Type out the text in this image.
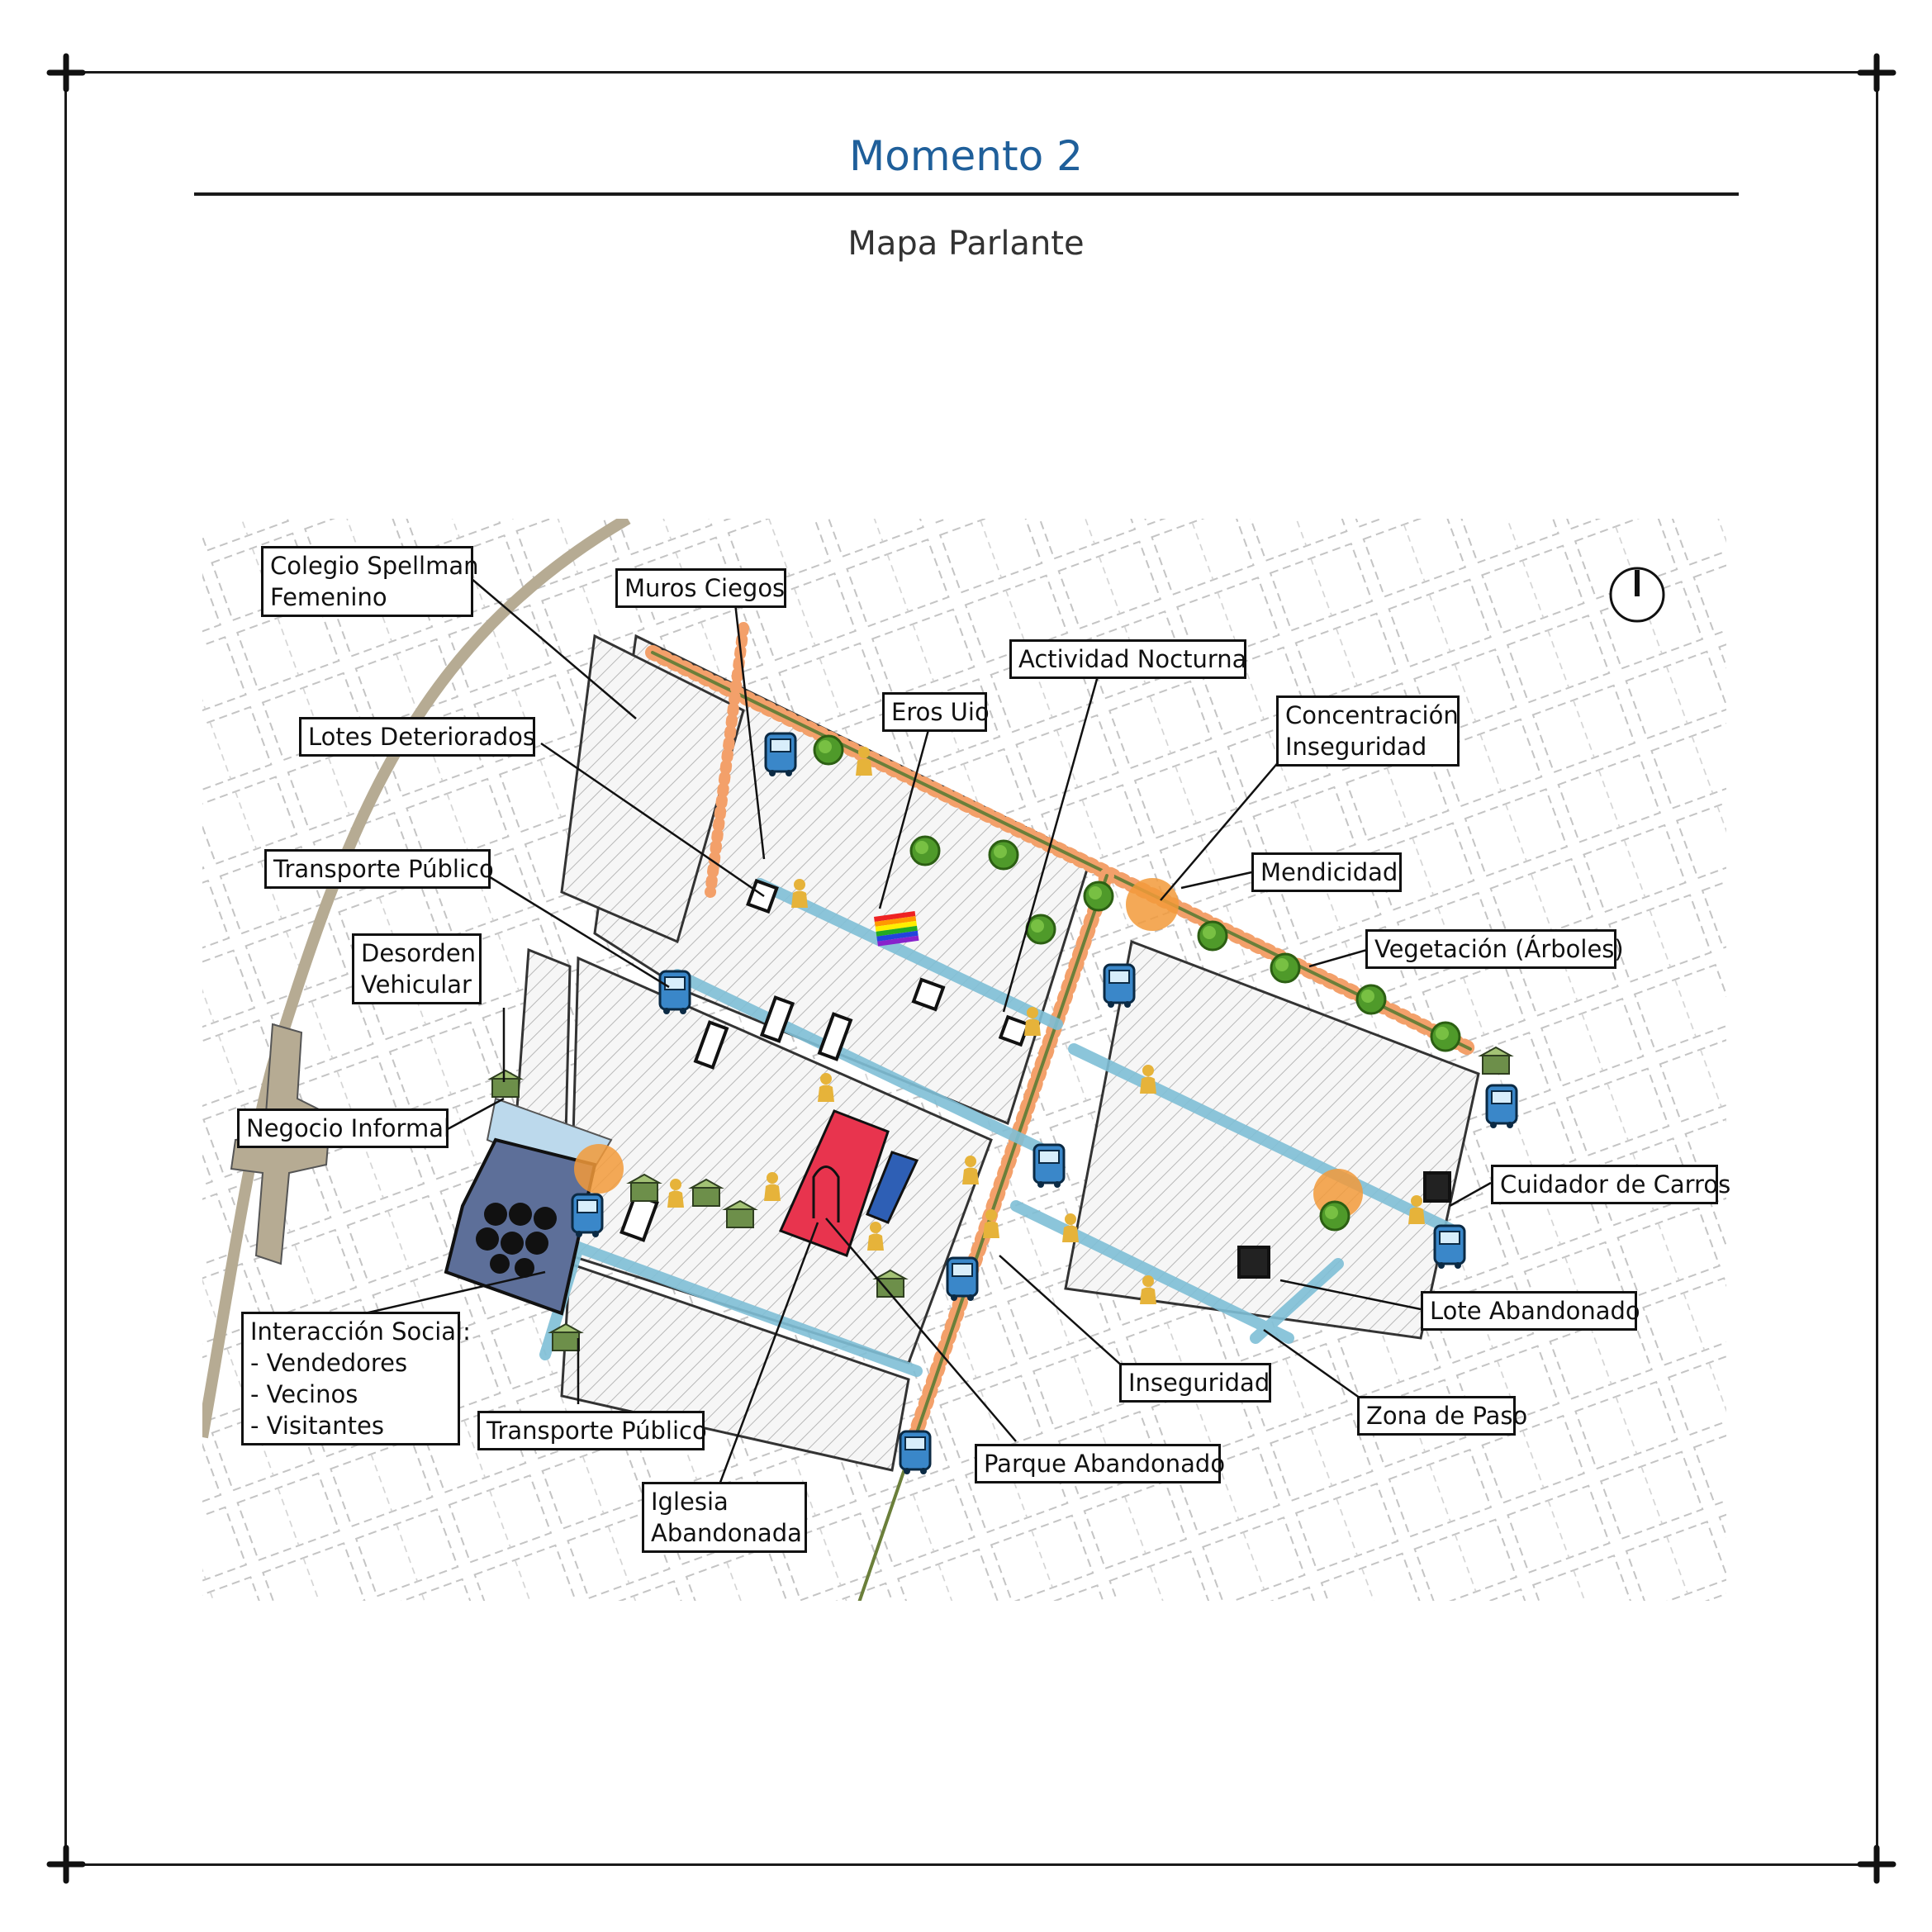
Momento 2
Mapa Parlante
Colegio Spellman
Femenino	Muros Ciegos
Actividad Nocturna
Eros Uio	Concentración
Inseguridad
Lotes Deteriorados
Mendicidad
Transporte Público
Vegetación (Árboles)
Desorden
Vehicular
Negocio Informal
Cuidador de Carros
Lote Abandonado
Interacción Social:
- Vendedores
- Vecinos
- Visitantes
Inseguridad
Zona de Paso
Transporte Público
Parque Abandonado
Iglesia
Abandonada
